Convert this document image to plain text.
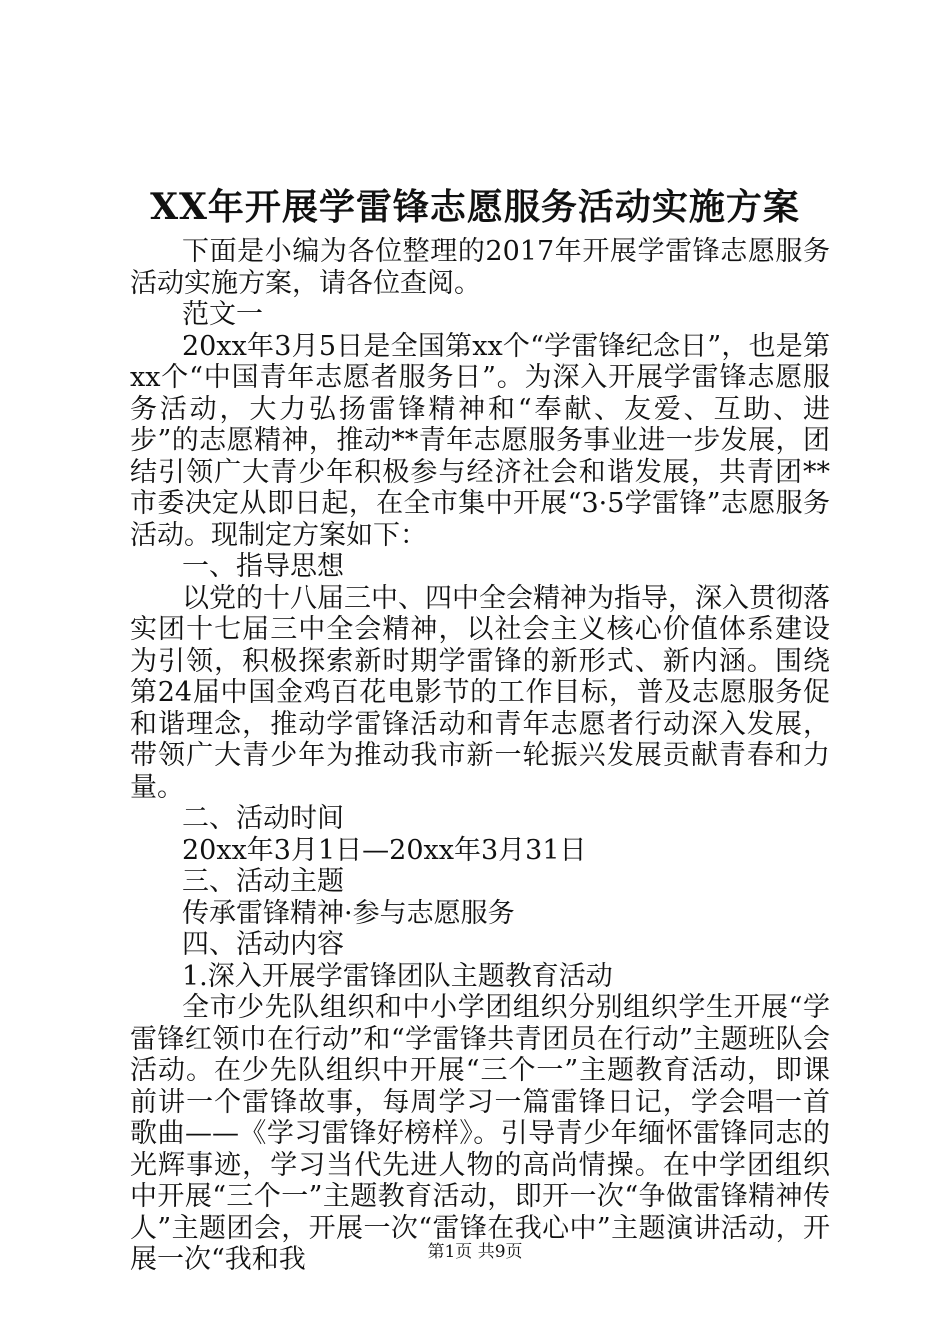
XX年开展学雷锋志愿服务活动实施方案

下面是小编为各位整理的2017年开展学雷锋志愿服务活动实施方案，请各位查阅。

范文一

20xx年3月5日是全国第xx个“学雷锋纪念日”，也是第xx个“中国青年志愿者服务日”。为深入开展学雷锋志愿服务活动，大力弘扬雷锋精神和“奉献、友爱、互助、进步”的志愿精神，推动**青年志愿服务事业进一步发展，团结引领广大青少年积极参与经济社会和谐发展，共青团**市委决定从即日起，在全市集中开展“3·5学雷锋”志愿服务活动。现制定方案如下：

一、指导思想

以党的十八届三中、四中全会精神为指导，深入贯彻落实团十七届三中全会精神，以社会主义核心价值体系建设为引领，积极探索新时期学雷锋的新形式、新内涵。围绕第24届中国金鸡百花电影节的工作目标，普及志愿服务促和谐理念，推动学雷锋活动和青年志愿者行动深入发展，带领广大青少年为推动我市新一轮振兴发展贡献青春和力量。

二、活动时间

20xx年3月1日—20xx年3月31日

三、活动主题

传承雷锋精神·参与志愿服务

四、活动内容

1.深入开展学雷锋团队主题教育活动

全市少先队组织和中小学团组织分别组织学生开展“学雷锋红领巾在行动”和“学雷锋共青团员在行动”主题班队会活动。在少先队组织中开展“三个一”主题教育活动，即课前讲一个雷锋故事，每周学习一篇雷锋日记，学会唱一首歌曲——《学习雷锋好榜样》。引导青少年缅怀雷锋同志的光辉事迹，学习当代先进人物的高尚情操。在中学团组织中开展“三个一”主题教育活动，即开一次“争做雷锋精神传人”主题团会，开展一次“雷锋在我心中”主题演讲活动，开展一次“我和我	第1页 共9页
